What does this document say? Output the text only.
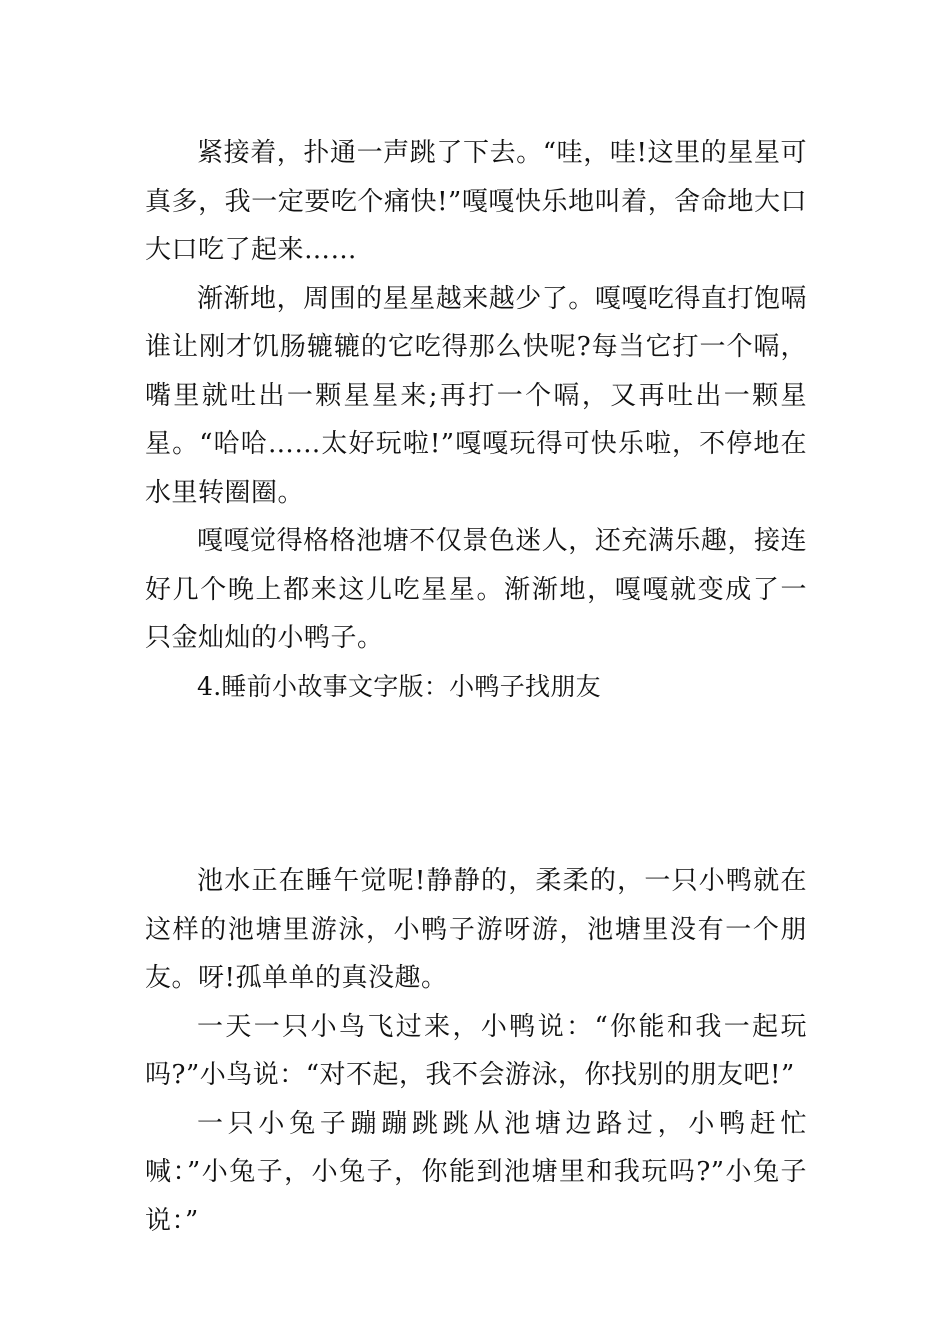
紧接着，扑通一声跳了下去。“哇，哇!这里的星星可真多，我一定要吃个痛快!”嘎嘎快乐地叫着，舍命地大口大口吃了起来……

渐渐地，周围的星星越来越少了。嘎嘎吃得直打饱嗝谁让刚才饥肠辘辘的它吃得那么快呢?每当它打一个嗝，嘴里就吐出一颗星星来;再打一个嗝，又再吐出一颗星星。“哈哈……太好玩啦!”嘎嘎玩得可快乐啦，不停地在水里转圈圈。

嘎嘎觉得格格池塘不仅景色迷人，还充满乐趣，接连好几个晚上都来这儿吃星星。渐渐地，嘎嘎就变成了一只金灿灿的小鸭子。

4.睡前小故事文字版：小鸭子找朋友

池水正在睡午觉呢!静静的，柔柔的，一只小鸭就在这样的池塘里游泳，小鸭子游呀游，池塘里没有一个朋友。呀!孤单单的真没趣。

一天一只小鸟飞过来，小鸭说：“你能和我一起玩吗?”小鸟说：“对不起，我不会游泳，你找别的朋友吧!”

一只小兔子蹦蹦跳跳从池塘边路过，小鸭赶忙喊：”小兔子，小兔子，你能到池塘里和我玩吗?”小兔子说：”
